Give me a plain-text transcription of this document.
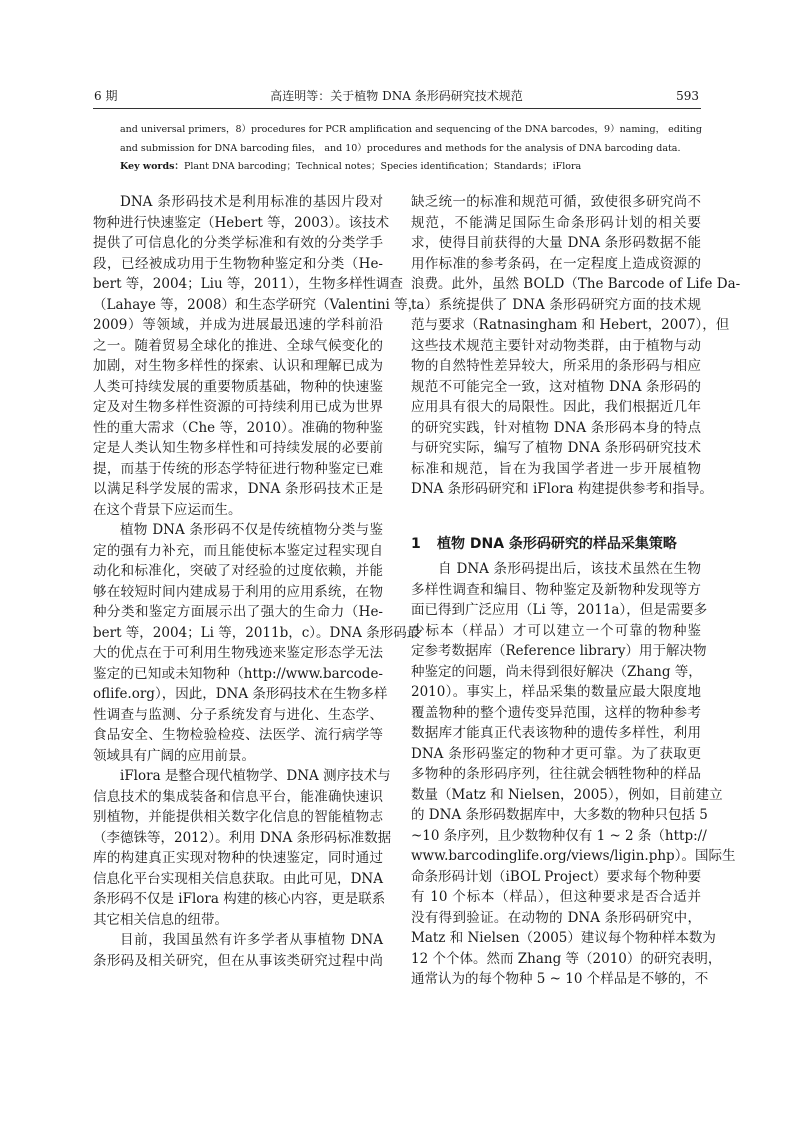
6 期	高连明等：关于植物 DNA 条形码研究技术规范	593
and universal primers，8）procedures for PCR amplification and sequencing of the DNA barcodes，9）naming， editing
and submission for DNA barcoding files， and 10）procedures and methods for the analysis of DNA barcoding data.
Key words：Plant DNA barcoding；Technical notes；Species identification；Standards；iFlora
DNA 条形码技术是利用标准的基因片段对
物种进行快速鉴定（Hebert 等，2003）。该技术
提供了可信息化的分类学标准和有效的分类学手
段，已经被成功用于生物物种鉴定和分类（He-
bert 等，2004；Liu 等，2011），生物多样性调查
（Lahaye 等，2008）和生态学研究（Valentini 等，
2009）等领域，并成为进展最迅速的学科前沿
之一。随着贸易全球化的推进、全球气候变化的
加剧，对生物多样性的探索、认识和理解已成为
人类可持续发展的重要物质基础，物种的快速鉴
定及对生物多样性资源的可持续利用已成为世界
性的重大需求（Che 等，2010）。准确的物种鉴
定是人类认知生物多样性和可持续发展的必要前
提，而基于传统的形态学特征进行物种鉴定已难
以满足科学发展的需求，DNA 条形码技术正是
在这个背景下应运而生。
植物 DNA 条形码不仅是传统植物分类与鉴
定的强有力补充，而且能使标本鉴定过程实现自
动化和标准化，突破了对经验的过度依赖，并能
够在较短时间内建成易于利用的应用系统，在物
种分类和鉴定方面展示出了强大的生命力（He-
bert 等，2004；Li 等，2011b，c）。DNA 条形码最
大的优点在于可利用生物残迹来鉴定形态学无法
鉴定的已知或未知物种（http://www.barcode-
oflife.org），因此，DNA 条形码技术在生物多样
性调查与监测、分子系统发育与进化、生态学、
食品安全、生物检验检疫、法医学、流行病学等
领域具有广阔的应用前景。
iFlora 是整合现代植物学、DNA 测序技术与
信息技术的集成装备和信息平台，能准确快速识
别植物，并能提供相关数字化信息的智能植物志
（李德铢等，2012）。利用 DNA 条形码标准数据
库的构建真正实现对物种的快速鉴定，同时通过
信息化平台实现相关信息获取。由此可见，DNA
条形码不仅是 iFlora 构建的核心内容，更是联系
其它相关信息的纽带。
目前，我国虽然有许多学者从事植物 DNA
条形码及相关研究，但在从事该类研究过程中尚
缺乏统一的标准和规范可循，致使很多研究尚不
规范，不能满足国际生命条形码计划的相关要
求，使得目前获得的大量 DNA 条形码数据不能
用作标准的参考条码，在一定程度上造成资源的
浪费。此外，虽然 BOLD（The Barcode of Life Da-
ta）系统提供了 DNA 条形码研究方面的技术规
范与要求（Ratnasingham 和 Hebert，2007），但
这些技术规范主要针对动物类群，由于植物与动
物的自然特性差异较大，所采用的条形码与相应
规范不可能完全一致，这对植物 DNA 条形码的
应用具有很大的局限性。因此，我们根据近几年
的研究实践，针对植物 DNA 条形码本身的特点
与研究实际，编写了植物 DNA 条形码研究技术
标准和规范，旨在为我国学者进一步开展植物
DNA 条形码研究和 iFlora 构建提供参考和指导。
1 植物 DNA 条形码研究的样品采集策略
自 DNA 条形码提出后，该技术虽然在生物
多样性调查和编目、物种鉴定及新物种发现等方
面已得到广泛应用（Li 等，2011a），但是需要多
少标本（样品）才可以建立一个可靠的物种鉴
定参考数据库（Reference library）用于解决物
种鉴定的问题，尚未得到很好解决（Zhang 等，
2010）。事实上，样品采集的数量应最大限度地
覆盖物种的整个遗传变异范围，这样的物种参考
数据库才能真正代表该物种的遗传多样性，利用
DNA 条形码鉴定的物种才更可靠。为了获取更
多物种的条形码序列，往往就会牺牲物种的样品
数量（Matz 和 Nielsen，2005），例如，目前建立
的 DNA 条形码数据库中，大多数的物种只包括 5
~10 条序列，且少数物种仅有 1 ~ 2 条（http://
www.barcodinglife.org/views/ligin.php）。国际生
命条形码计划（iBOL Project）要求每个物种要
有 10 个标本（样品），但这种要求是否合适并
没有得到验证。在动物的 DNA 条形码研究中，
Matz 和 Nielsen（2005）建议每个物种样本数为
12 个个体。然而 Zhang 等（2010）的研究表明，
通常认为的每个物种 5 ~ 10 个样品是不够的，不
